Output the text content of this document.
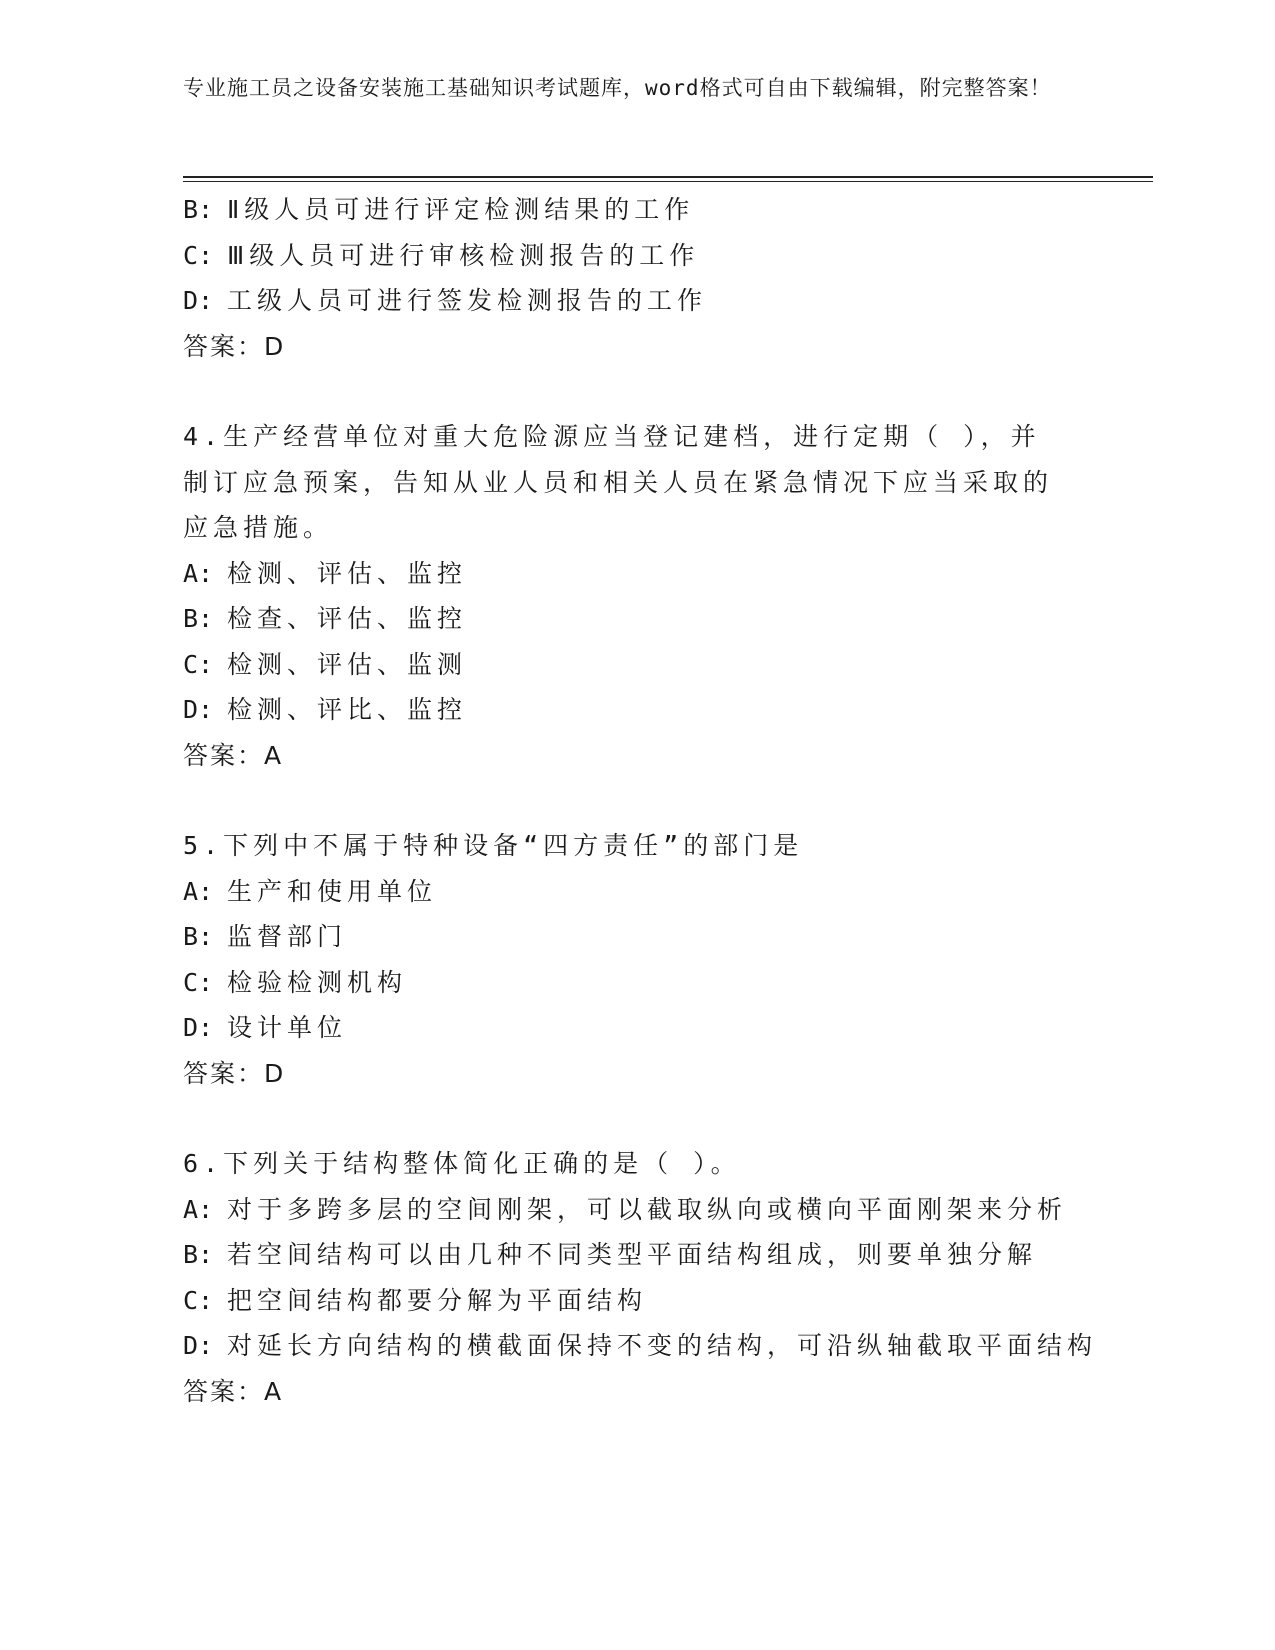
专业施工员之设备安装施工基础知识考试题库，word格式可自由下载编辑，附完整答案！
B: Ⅱ级人员可进行评定检测结果的工作
C: Ⅲ级人员可进行审核检测报告的工作
D: 工级人员可进行签发检测报告的工作
答案：D
4.生产经营单位对重大危险源应当登记建档，进行定期（ ），并制订应急预案，告知从业人员和相关人员在紧急情况下应当采取的应急措施。
A: 检测、评估、监控
B: 检查、评估、监控
C: 检测、评估、监测
D: 检测、评比、监控
答案：A
5.下列中不属于特种设备“四方责任”的部门是
A: 生产和使用单位
B: 监督部门
C: 检验检测机构
D: 设计单位
答案：D
6.下列关于结构整体简化正确的是（ ）。
A: 对于多跨多层的空间刚架，可以截取纵向或横向平面刚架来分析
B: 若空间结构可以由几种不同类型平面结构组成，则要单独分解
C: 把空间结构都要分解为平面结构
D: 对延长方向结构的横截面保持不变的结构，可沿纵轴截取平面结构
答案：A
